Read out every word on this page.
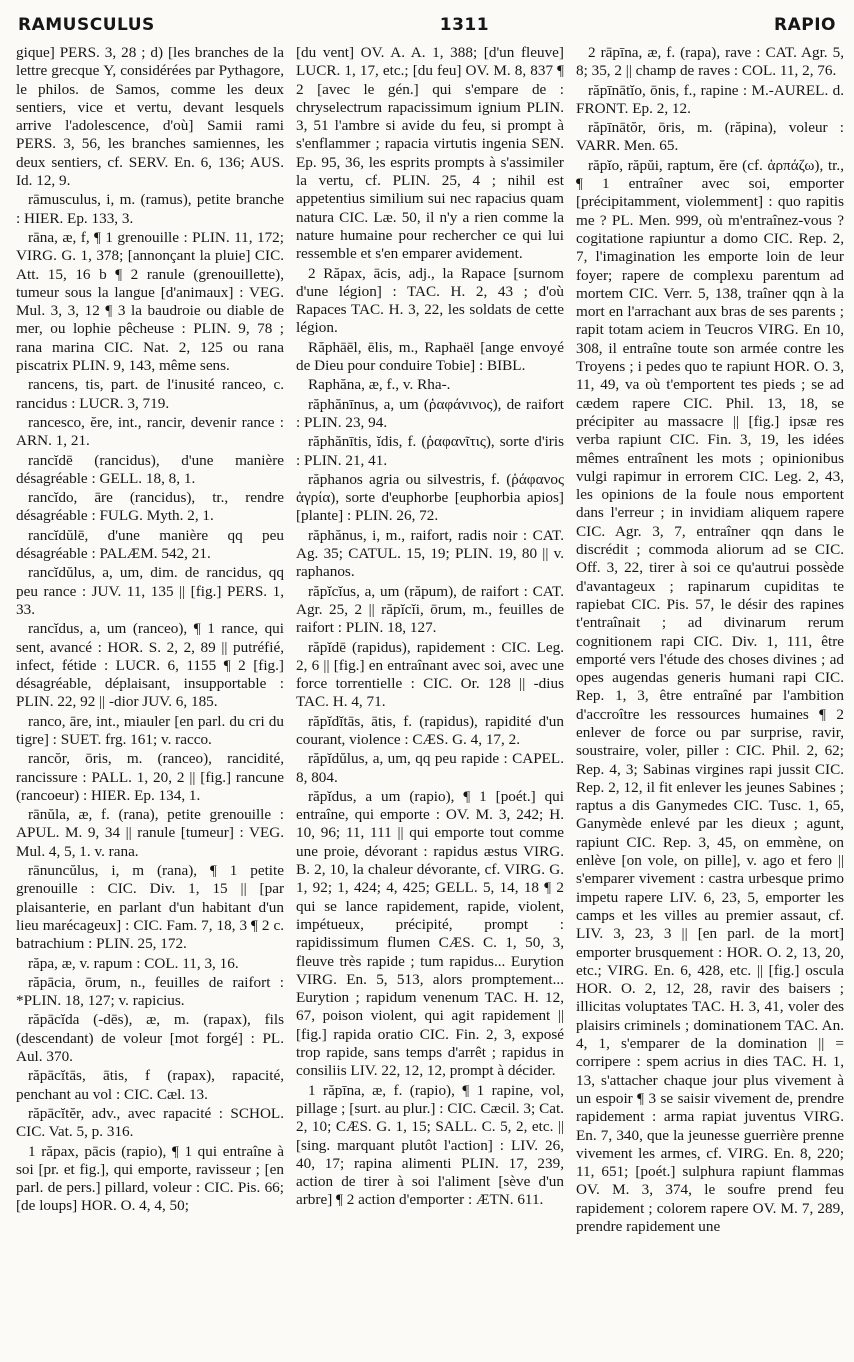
RAMUSCULUS	1311	RAPIO

gique] PERS. 3, 28 ; d) [les branches de la lettre grecque Υ, considérées par Pythagore, le philos. de Samos, comme les deux sentiers, vice et vertu, devant lesquels arrive l'adolescence, d'où] Samii rami PERS. 3, 56, les branches samiennes, les deux sentiers, cf. SERV. En. 6, 136; AUS. Id. 12, 9.

rāmusculus, i, m. (ramus), petite branche : HIER. Ep. 133, 3.

rāna, æ, f, ¶ 1 grenouille : PLIN. 11, 172; VIRG. G. 1, 378; [annonçant la pluie] CIC. Att. 15, 16 b ¶ 2 ranule (grenouillette), tumeur sous la langue [d'animaux] : VEG. Mul. 3, 3, 12 ¶ 3 la baudroie ou diable de mer, ou lophie pêcheuse : PLIN. 9, 78 ; rana marina CIC. Nat. 2, 125 ou rana piscatrix PLIN. 9, 143, même sens.

rancens, tis, part. de l'inusité ranceo, c. rancidus : LUCR. 3, 719.

rancesco, ĕre, int., rancir, devenir rance : ARN. 1, 21.

rancĭdē (rancidus), d'une manière désagréable : GELL. 18, 8, 1.

rancĭdo, āre (rancidus), tr., rendre désagréable : FULG. Myth. 2, 1.

rancĭdŭlē, d'une manière qq peu désagréable : PALÆM. 542, 21.

rancĭdŭlus, a, um, dim. de rancidus, qq peu rance : JUV. 11, 135 || [fig.] PERS. 1, 33.

rancĭdus, a, um (ranceo), ¶ 1 rance, qui sent, avancé : HOR. S. 2, 2, 89 || putréfié, infect, fétide : LUCR. 6, 1155 ¶ 2 [fig.] désagréable, déplaisant, insupportable : PLIN. 22, 92 || -dior JUV. 6, 185.

ranco, āre, int., miauler [en parl. du cri du tigre] : SUET. frg. 161; v. racco.

rancŏr, ōris, m. (ranceo), rancidité, rancissure : PALL. 1, 20, 2 || [fig.] rancune (rancoeur) : HIER. Ep. 134, 1.

rānŭla, æ, f. (rana), petite grenouille : APUL. M. 9, 34 || ranule [tumeur] : VEG. Mul. 4, 5, 1. v. rana.

rānuncŭlus, i, m (rana), ¶ 1 petite grenouille : CIC. Div. 1, 15 || [par plaisanterie, en parlant d'un habitant d'un lieu marécageux] : CIC. Fam. 7, 18, 3 ¶ 2 c. batrachium : PLIN. 25, 172.

răpa, æ, v. rapum : COL. 11, 3, 16.

răpācia, ōrum, n., feuilles de raifort : *PLIN. 18, 127; v. rapicius.

răpācĭda (-dēs), æ, m. (rapax), fils (descendant) de voleur [mot forgé] : PL. Aul. 370.

răpācĭtās, ātis, f (rapax), rapacité, penchant au vol : CIC. Cæl. 13.

răpācĭtĕr, adv., avec rapacité : SCHOL. CIC. Vat. 5, p. 316.

1 răpax, pācis (rapio), ¶ 1 qui entraîne à soi [pr. et fig.], qui emporte, ravisseur ; [en parl. de pers.] pillard, voleur : CIC. Pis. 66; [de loups] HOR. O. 4, 4, 50;

[du vent] OV. A. A. 1, 388; [d'un fleuve] LUCR. 1, 17, etc.; [du feu] OV. M. 8, 837 ¶ 2 [avec le gén.] qui s'empare de : chryselectrum rapacissimum ignium PLIN. 3, 51 l'ambre si avide du feu, si prompt à s'enflammer ; rapacia virtutis ingenia SEN. Ep. 95, 36, les esprits prompts à s'assimiler la vertu, cf. PLIN. 25, 4 ; nihil est appetentius similium sui nec rapacius quam natura CIC. Læ. 50, il n'y a rien comme la nature humaine pour rechercher ce qui lui ressemble et s'en emparer avidement.

2 Răpax, ācis, adj., la Rapace [surnom d'une légion] : TAC. H. 2, 43 ; d'où Rapaces TAC. H. 3, 22, les soldats de cette légion.

Răphāēl, ēlis, m., Raphaël [ange envoyé de Dieu pour conduire Tobie] : BIBL.

Raphăna, æ, f., v. Rha-.

răphănīnus, a, um (ῥαφάνινος), de raifort : PLIN. 23, 94.

răphănītis, ĭdis, f. (ῥαφανῖτις), sorte d'iris : PLIN. 21, 41.

răphanos agria ou silvestris, f. (ῥάφανος ἀγρία), sorte d'euphorbe [euphorbia apios] [plante] : PLIN. 26, 72.

răphănus, i, m., raifort, radis noir : CAT. Ag. 35; CATUL. 15, 19; PLIN. 19, 80 || v. raphanos.

răpĭcĭus, a, um (răpum), de raifort : CAT. Agr. 25, 2 || răpĭcĭi, ōrum, m., feuilles de raifort : PLIN. 18, 127.

răpĭdē (rapidus), rapidement : CIC. Leg. 2, 6 || [fig.] en entraînant avec soi, avec une force torrentielle : CIC. Or. 128 || -dius TAC. H. 4, 71.

răpĭdĭtās, ātis, f. (rapidus), rapidité d'un courant, violence : CÆS. G. 4, 17, 2.

răpĭdŭlus, a, um, qq peu rapide : CAPEL. 8, 804.

răpĭdus, a um (rapio), ¶ 1 [poét.] qui entraîne, qui emporte : OV. M. 3, 242; H. 10, 96; 11, 111 || qui emporte tout comme une proie, dévorant : rapidus æstus VIRG. B. 2, 10, la chaleur dévorante, cf. VIRG. G. 1, 92; 1, 424; 4, 425; GELL. 5, 14, 18 ¶ 2 qui se lance rapidement, rapide, violent, impétueux, précipité, prompt : rapidissimum flumen CÆS. C. 1, 50, 3, fleuve très rapide ; tum rapidus... Eurytion VIRG. En. 5, 513, alors promptement... Eurytion ; rapidum venenum TAC. H. 12, 67, poison violent, qui agit rapidement || [fig.] rapida oratio CIC. Fin. 2, 3, exposé trop rapide, sans temps d'arrêt ; rapidus in consiliis LIV. 22, 12, 12, prompt à décider.

1 răpīna, æ, f. (rapio), ¶ 1 rapine, vol, pillage ; [surt. au plur.] : CIC. Cæcil. 3; Cat. 2, 10; CÆS. G. 1, 15; SALL. C. 5, 2, etc. || [sing. marquant plutôt l'action] : LIV. 26, 40, 17; rapina alimenti PLIN. 17, 239, action de tirer à soi l'aliment [sève d'un arbre] ¶ 2 action d'emporter : ÆTN. 611.

2 rāpīna, æ, f. (rapa), rave : CAT. Agr. 5, 8; 35, 2 || champ de raves : COL. 11, 2, 76.

răpīnātĭo, ōnis, f., rapine : M.-AUREL. d. FRONT. Ep. 2, 12.

răpīnātŏr, ōris, m. (răpina), voleur : VARR. Men. 65.

răpĭo, răpŭi, raptum, ĕre (cf. ἁρπάζω), tr., ¶ 1 entraîner avec soi, emporter [précipitamment, violemment] : quo rapitis me ? PL. Men. 999, où m'entraînez-vous ? cogitatione rapiuntur a domo CIC. Rep. 2, 7, l'imagination les emporte loin de leur foyer; rapere de complexu parentum ad mortem CIC. Verr. 5, 138, traîner qqn à la mort en l'arrachant aux bras de ses parents ; rapit totam aciem in Teucros VIRG. En 10, 308, il entraîne toute son armée contre les Troyens ; i pedes quo te rapiunt HOR. O. 3, 11, 49, va où t'emportent tes pieds ; se ad cædem rapere CIC. Phil. 13, 18, se précipiter au massacre || [fig.] ipsæ res verba rapiunt CIC. Fin. 3, 19, les idées mêmes entraînent les mots ; opinionibus vulgi rapimur in errorem CIC. Leg. 2, 43, les opinions de la foule nous emportent dans l'erreur ; in invidiam aliquem rapere CIC. Agr. 3, 7, entraîner qqn dans le discrédit ; commoda aliorum ad se CIC. Off. 3, 22, tirer à soi ce qu'autrui possède d'avantageux ; rapinarum cupiditas te rapiebat CIC. Pis. 57, le désir des rapines t'entraînait ; ad divinarum rerum cognitionem rapi CIC. Div. 1, 111, être emporté vers l'étude des choses divines ; ad opes augendas generis humani rapi CIC. Rep. 1, 3, être entraîné par l'ambition d'accroître les ressources humaines ¶ 2 enlever de force ou par surprise, ravir, soustraire, voler, piller : CIC. Phil. 2, 62; Rep. 4, 3; Sabinas virgines rapi jussit CIC. Rep. 2, 12, il fit enlever les jeunes Sabines ; raptus a dis Ganymedes CIC. Tusc. 1, 65, Ganymède enlevé par les dieux ; agunt, rapiunt CIC. Rep. 3, 45, on emmène, on enlève [on vole, on pille], v. ago et fero || s'emparer vivement : castra urbesque primo impetu rapere LIV. 6, 23, 5, emporter les camps et les villes au premier assaut, cf. LIV. 3, 23, 3 || [en parl. de la mort] emporter brusquement : HOR. O. 2, 13, 20, etc.; VIRG. En. 6, 428, etc. || [fig.] oscula HOR. O. 2, 12, 28, ravir des baisers ; illicitas voluptates TAC. H. 3, 41, voler des plaisirs criminels ; dominationem TAC. An. 4, 1, s'emparer de la domination || = corripere : spem acrius in dies TAC. H. 1, 13, s'attacher chaque jour plus vivement à un espoir ¶ 3 se saisir vivement de, prendre rapidement : arma rapiat juventus VIRG. En. 7, 340, que la jeunesse guerrière prenne vivement les armes, cf. VIRG. En. 8, 220; 11, 651; [poét.] sulphura rapiunt flammas OV. M. 3, 374, le soufre prend feu rapidement ; colorem rapere OV. M. 7, 289, prendre rapidement une
